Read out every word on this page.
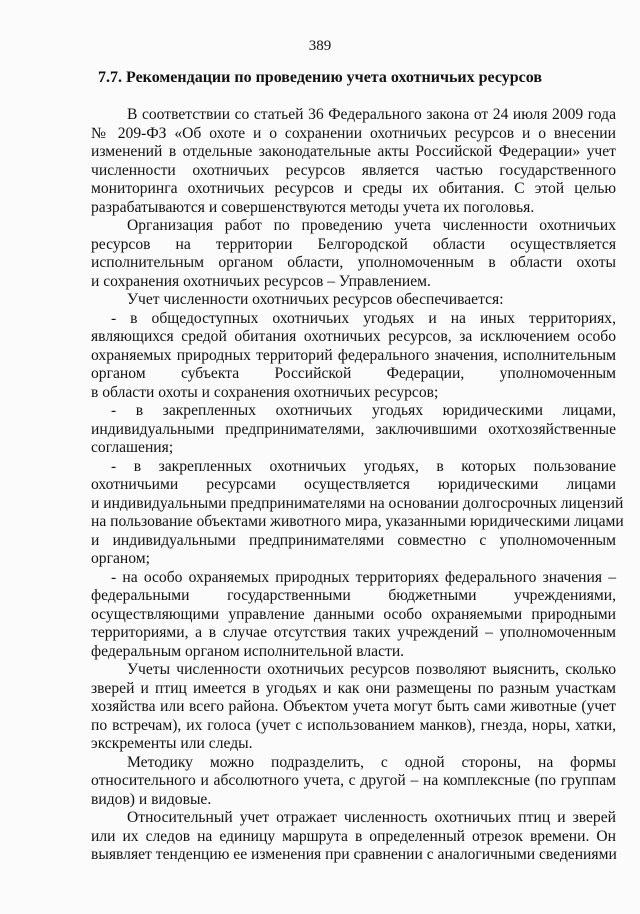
389
7.7. Рекомендации по проведению учета охотничьих ресурсов
В соответствии со статьей 36 Федерального закона от 24 июля 2009 года
№ 209-ФЗ «Об охоте и о сохранении охотничьих ресурсов и о внесении
изменений в отдельные законодательные акты Российской Федерации» учет
численности охотничьих ресурсов является частью государственного
мониторинга охотничьих ресурсов и среды их обитания. С этой целью
разрабатываются и совершенствуются методы учета их поголовья.
Организация работ по проведению учета численности охотничьих
ресурсов на территории Белгородской области осуществляется
исполнительным органом области, уполномоченным в области охоты
и сохранения охотничьих ресурсов – Управлением.
Учет численности охотничьих ресурсов обеспечивается:
- в общедоступных охотничьих угодьях и на иных территориях,
являющихся средой обитания охотничьих ресурсов, за исключением особо
охраняемых природных территорий федерального значения, исполнительным
органом субъекта Российской Федерации, уполномоченным
в области охоты и сохранения охотничьих ресурсов;
- в закрепленных охотничьих угодьях юридическими лицами,
индивидуальными предпринимателями, заключившими охотхозяйственные
соглашения;
- в закрепленных охотничьих угодьях, в которых пользование
охотничьими ресурсами осуществляется юридическими лицами
и индивидуальными предпринимателями на основании долгосрочных лицензий
на пользование объектами животного мира, указанными юридическими лицами
и индивидуальными предпринимателями совместно с уполномоченным
органом;
- на особо охраняемых природных территориях федерального значения –
федеральными государственными бюджетными учреждениями,
осуществляющими управление данными особо охраняемыми природными
территориями, а в случае отсутствия таких учреждений – уполномоченным
федеральным органом исполнительной власти.
Учеты численности охотничьих ресурсов позволяют выяснить, сколько
зверей и птиц имеется в угодьях и как они размещены по разным участкам
хозяйства или всего района. Объектом учета могут быть сами животные (учет
по встречам), их голоса (учет с использованием манков), гнезда, норы, хатки,
экскременты или следы.
Методику можно подразделить, с одной стороны, на формы
относительного и абсолютного учета, с другой – на комплексные (по группам
видов) и видовые.
Относительный учет отражает численность охотничьих птиц и зверей
или их следов на единицу маршрута в определенный отрезок времени. Он
выявляет тенденцию ее изменения при сравнении с аналогичными сведениями
